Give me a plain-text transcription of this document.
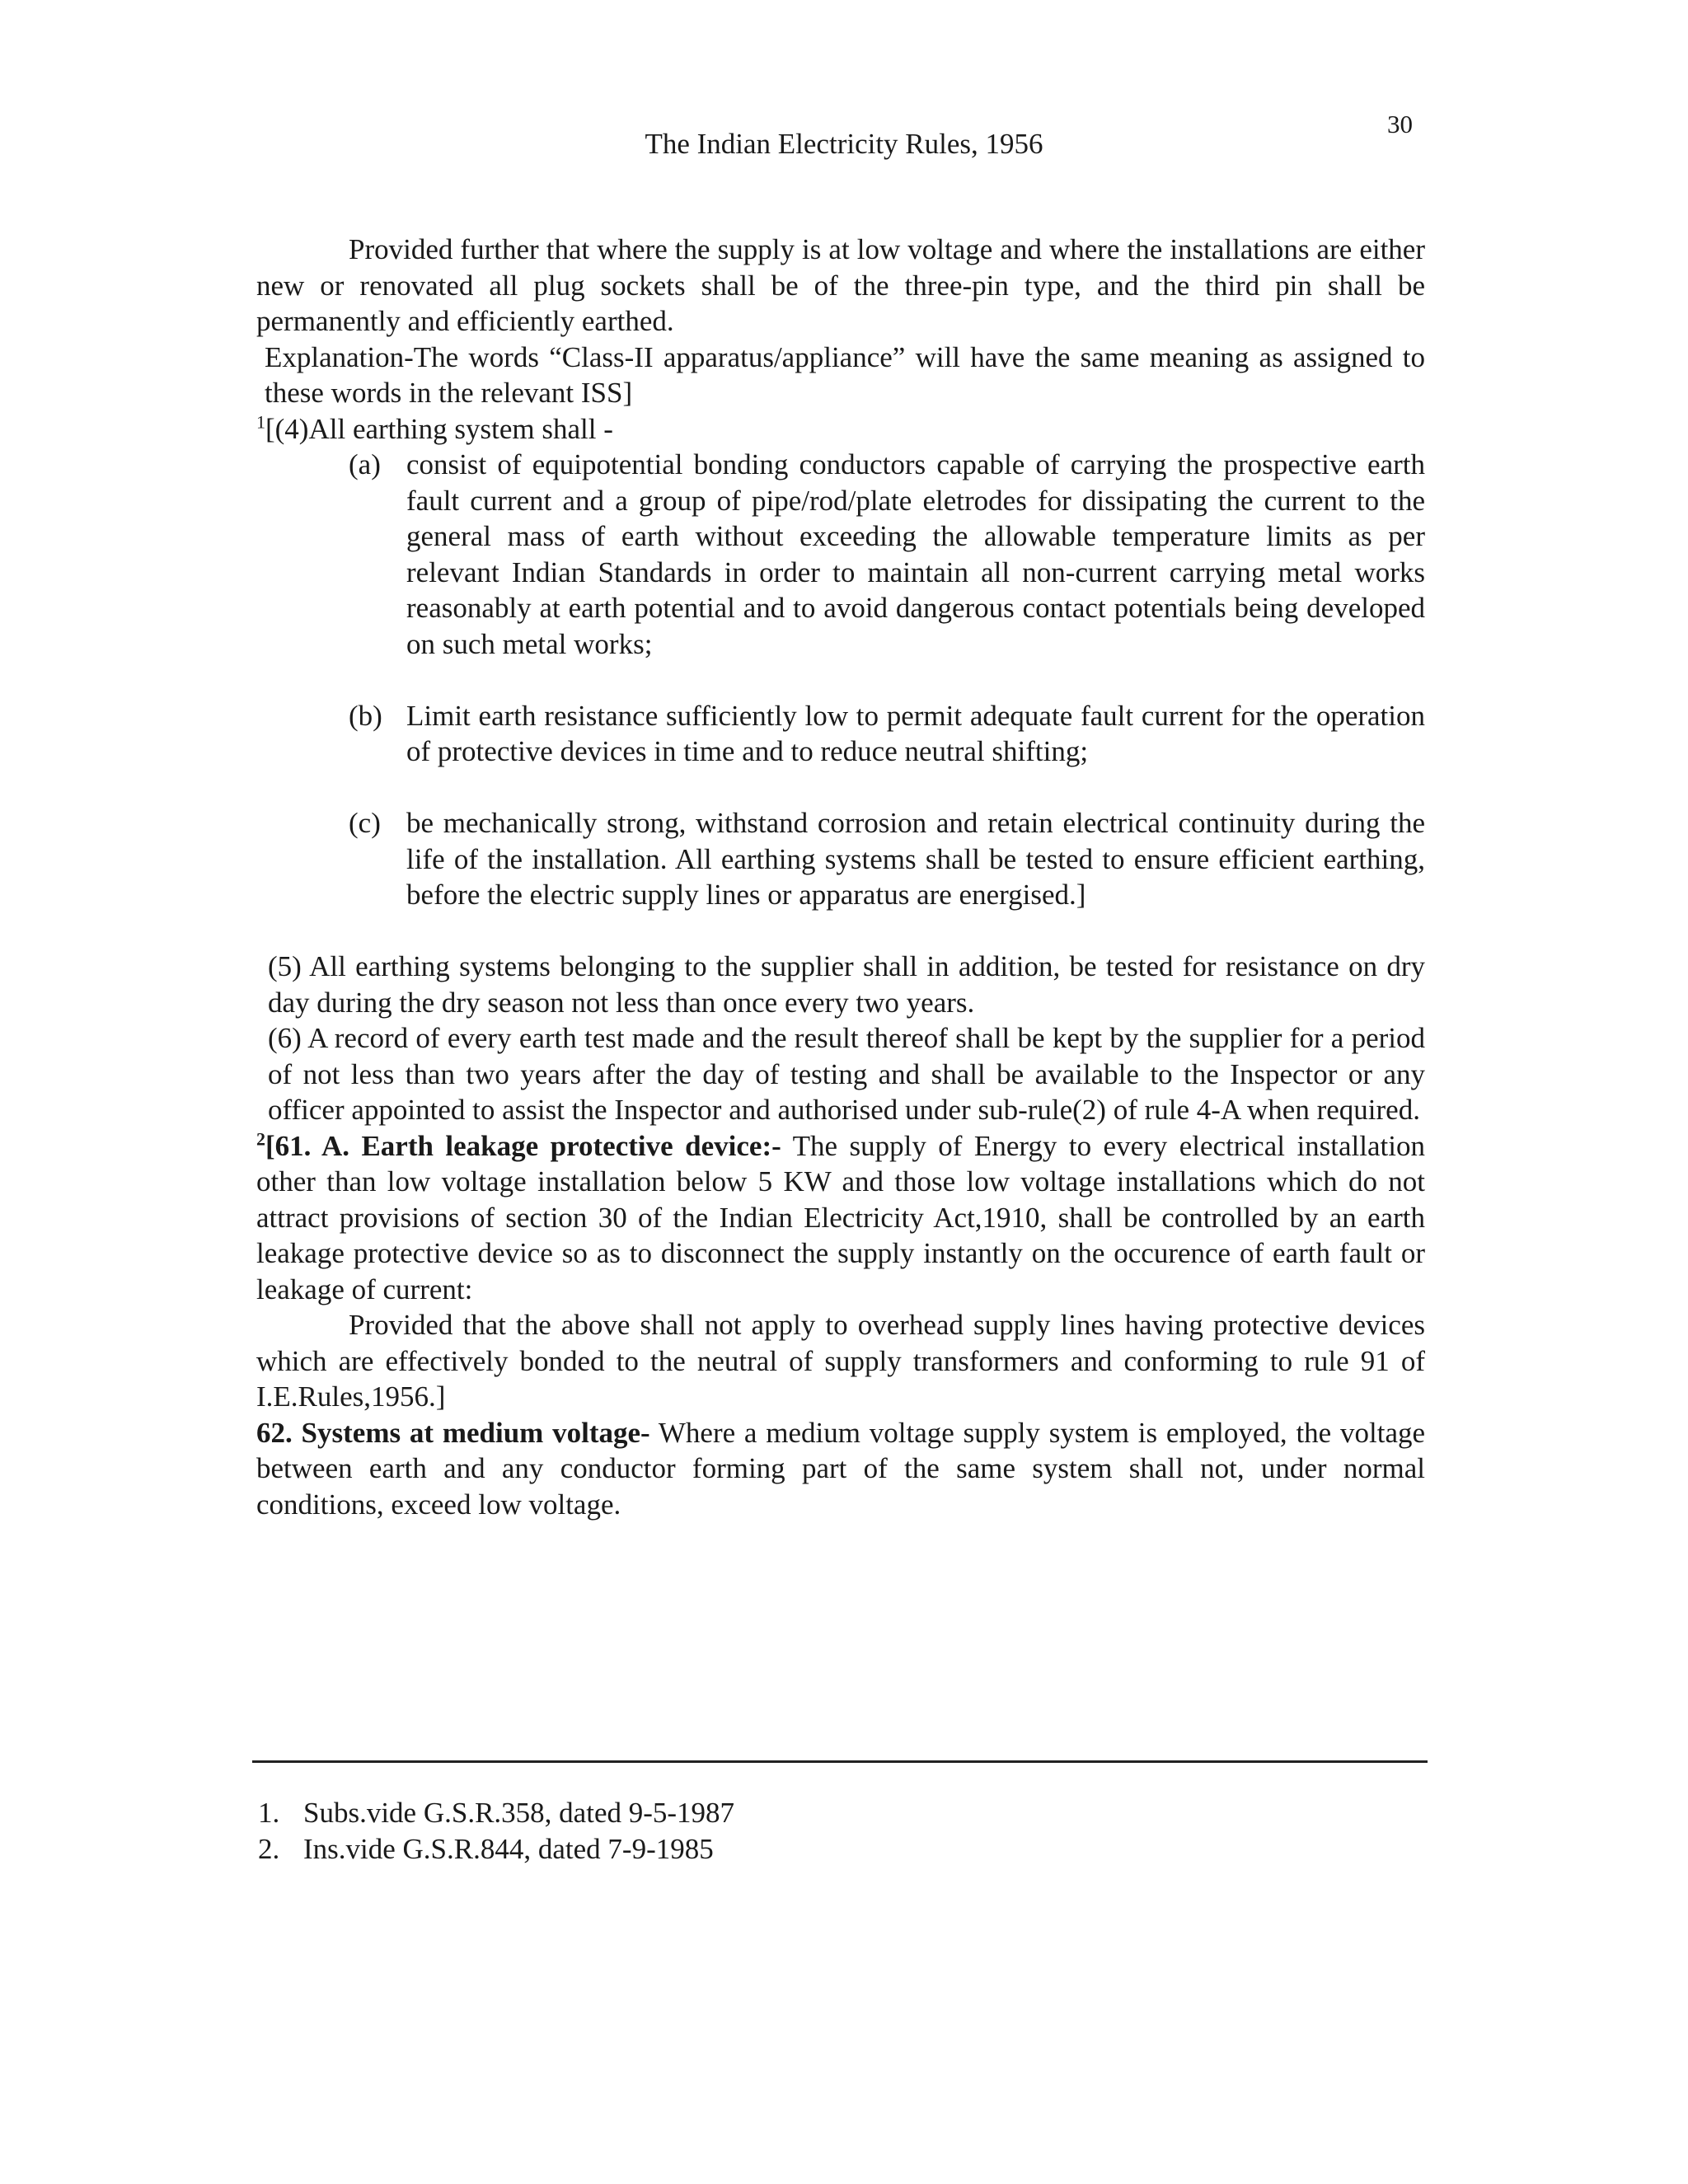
30
The Indian Electricity Rules, 1956

Provided further that where the supply is at low voltage and where the installations are either new or renovated all plug sockets shall be of the three-pin type, and the third pin shall be permanently and efficiently earthed.

Explanation-The words “Class-II apparatus/appliance” will have the same meaning as assigned to these words in the relevant ISS]

$^1$[(4)All earthing system shall -

(a) consist of equipotential bonding conductors capable of carrying the prospective earth fault current and a group of pipe/rod/plate eletrodes for dissipating the current to the general mass of earth without exceeding the allowable temperature limits as per relevant Indian Standards in order to maintain all non-current carrying metal works reasonably at earth potential and to avoid dangerous contact potentials being developed on such metal works;
(b) Limit earth resistance sufficiently low to permit adequate fault current for the operation of protective devices in time and to reduce neutral shifting;
(c) be mechanically strong, withstand corrosion and retain electrical continuity during the life of the installation. All earthing systems shall be tested to ensure efficient earthing, before the electric supply lines or apparatus are energised.]

(5) All earthing systems belonging to the supplier shall in addition, be tested for resistance on dry day during the dry season not less than once every two years.

(6) A record of every earth test made and the result thereof shall be kept by the supplier for a period of not less than two years after the day of testing and shall be available to the Inspector or any officer appointed to assist the Inspector and authorised under sub-rule(2) of rule 4-A when required.

$^2$[61. A. Earth leakage protective device:- The supply of Energy to every electrical installation other than low voltage installation below 5 KW and those low voltage installations which do not attract provisions of section 30 of the Indian Electricity Act,1910, shall be controlled by an earth leakage protective device so as to disconnect the supply instantly on the occurence of earth fault or leakage of current:

Provided that the above shall not apply to overhead supply lines having protective devices which are effectively bonded to the neutral of supply transformers and conforming to rule 91 of I.E.Rules,1956.]

62. Systems at medium voltage- Where a medium voltage supply system is employed, the voltage between earth and any conductor forming part of the same system shall not, under normal conditions, exceed low voltage.

1. Subs.vide G.S.R.358, dated 9-5-1987
2. Ins.vide G.S.R.844, dated 7-9-1985
